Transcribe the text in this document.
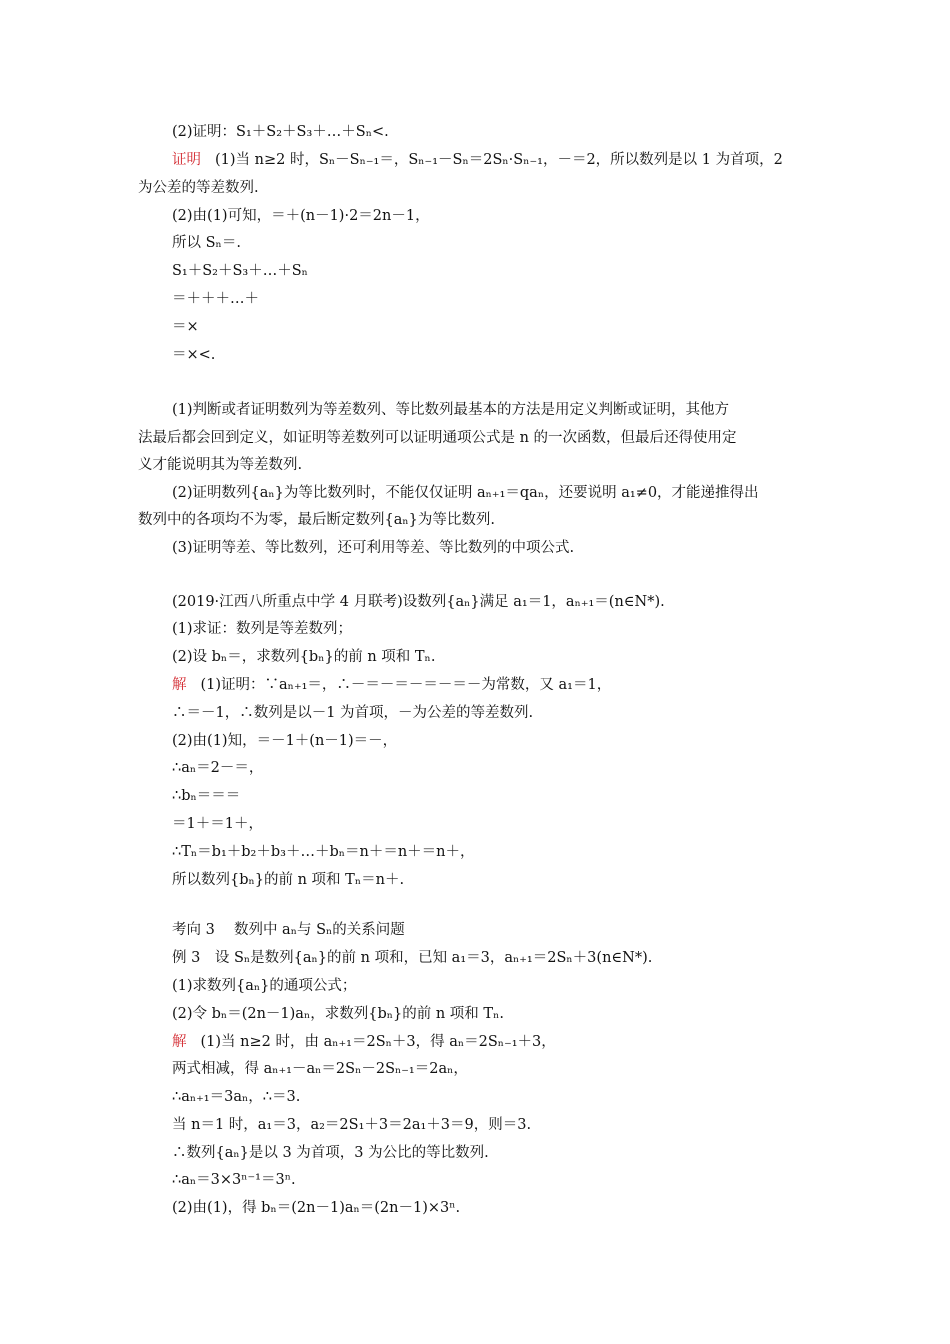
(2)证明：S₁＋S₂＋S₃＋…＋Sₙ<.
证明 (1)当 n≥2 时，Sₙ－Sₙ₋₁＝，Sₙ₋₁－Sₙ＝2Sₙ·Sₙ₋₁，－＝2，所以数列是以 1 为首项，2
为公差的等差数列.
(2)由(1)可知，＝＋(n－1)·2＝2n－1，
所以 Sₙ＝.
S₁＋S₂＋S₃＋…＋Sₙ
＝＋＋＋…＋
＝×
＝×<.
(1)判断或者证明数列为等差数列、等比数列最基本的方法是用定义判断或证明，其他方
法最后都会回到定义，如证明等差数列可以证明通项公式是 n 的一次函数，但最后还得使用定
义才能说明其为等差数列.
(2)证明数列{aₙ}为等比数列时，不能仅仅证明 aₙ₊₁＝qaₙ，还要说明 a₁≠0，才能递推得出
数列中的各项均不为零，最后断定数列{aₙ}为等比数列.
(3)证明等差、等比数列，还可利用等差、等比数列的中项公式.
(2019·江西八所重点中学 4 月联考)设数列{aₙ}满足 a₁＝1，aₙ₊₁＝(n∈N*).
(1)求证：数列是等差数列；
(2)设 bₙ＝，求数列{bₙ}的前 n 项和 Tₙ.
解 (1)证明：∵aₙ₊₁＝，∴－＝－＝－＝－＝－为常数，又 a₁＝1，
∴＝－1，∴数列是以－1 为首项，－为公差的等差数列.
(2)由(1)知，＝－1＋(n－1)＝－，
∴aₙ＝2－＝，
∴bₙ＝＝＝
＝1＋＝1＋，
∴Tₙ＝b₁＋b₂＋b₃＋…＋bₙ＝n＋＝n＋＝n＋，
所以数列{bₙ}的前 n 项和 Tₙ＝n＋.
考向 3　 数列中 aₙ与 Sₙ的关系问题
例 3　设 Sₙ是数列{aₙ}的前 n 项和，已知 a₁＝3，aₙ₊₁＝2Sₙ＋3(n∈N*).
(1)求数列{aₙ}的通项公式；
(2)令 bₙ＝(2n－1)aₙ，求数列{bₙ}的前 n 项和 Tₙ.
解 (1)当 n≥2 时，由 aₙ₊₁＝2Sₙ＋3，得 aₙ＝2Sₙ₋₁＋3，
两式相减，得 aₙ₊₁－aₙ＝2Sₙ－2Sₙ₋₁＝2aₙ，
∴aₙ₊₁＝3aₙ，∴＝3.
当 n＝1 时，a₁＝3，a₂＝2S₁＋3＝2a₁＋3＝9，则＝3.
∴数列{aₙ}是以 3 为首项，3 为公比的等比数列.
∴aₙ＝3×3ⁿ⁻¹＝3ⁿ.
(2)由(1)，得 bₙ＝(2n－1)aₙ＝(2n－1)×3ⁿ.
